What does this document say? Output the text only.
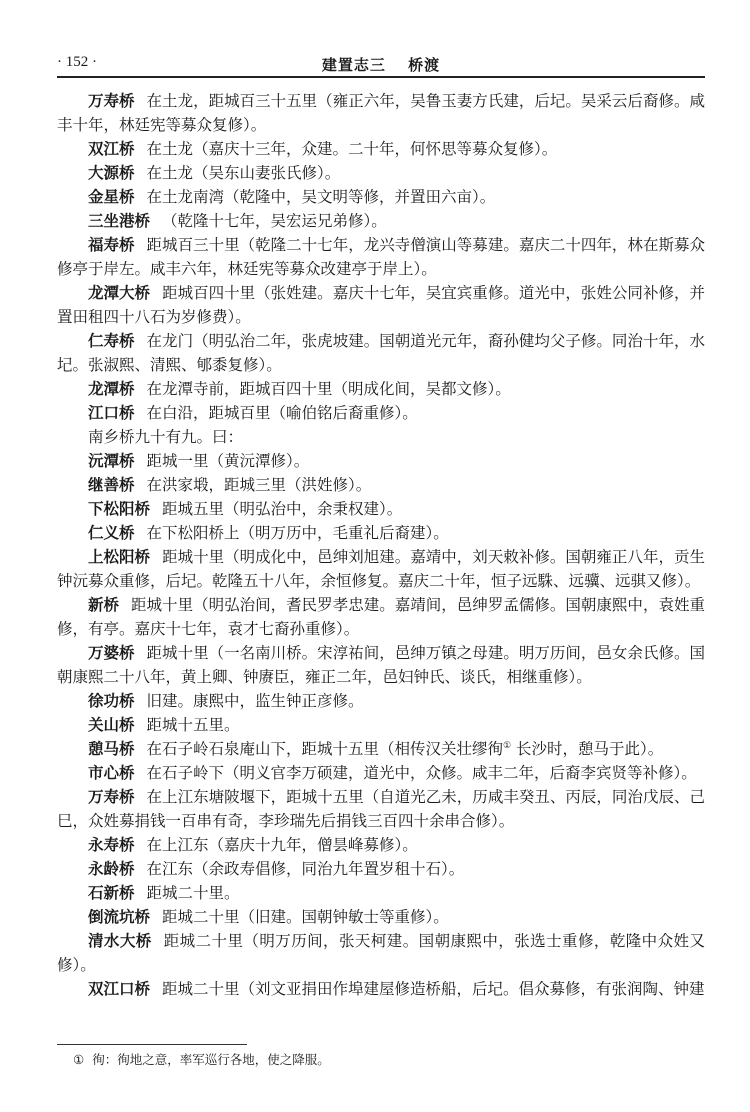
· 152 ·	建置志三　 桥渡

万寿桥 在土龙，距城百三十五里（雍正六年，吴鲁玉妻方氏建，后圮。吴采云后裔修。咸丰十年，林廷宪等募众复修）。

双江桥 在土龙（嘉庆十三年，众建。二十年，何怀思等募众复修）。

大源桥 在土龙（吴东山妻张氏修）。

金星桥 在土龙南湾（乾隆中，吴文明等修，并置田六亩）。

三坐港桥 （乾隆十七年，吴宏运兄弟修）。

福寿桥 距城百三十里（乾隆二十七年，龙兴寺僧演山等募建。嘉庆二十四年，林在斯募众修亭于岸左。咸丰六年，林廷宪等募众改建亭于岸上）。

龙潭大桥 距城百四十里（张姓建。嘉庆十七年，吴宜宾重修。道光中，张姓公同补修，并置田租四十八石为岁修费）。

仁寿桥 在龙门（明弘治二年，张虎坡建。国朝道光元年，裔孙健均父子修。同治十年，水圮。张淑熙、清熙、郇黍复修）。

龙潭桥 在龙潭寺前，距城百四十里（明成化间，吴都文修）。

江口桥 在白沿，距城百里（喻伯铭后裔重修）。

南乡桥九十有九。曰：

沅潭桥 距城一里（黄沅潭修）。

继善桥 在洪家塅，距城三里（洪姓修）。

下松阳桥 距城五里（明弘治中，余秉权建）。

仁义桥 在下松阳桥上（明万历中，毛重礼后裔建）。

上松阳桥 距城十里（明成化中，邑绅刘旭建。嘉靖中，刘天敕补修。国朝雍正八年，贡生钟沅募众重修，后圮。乾隆五十八年，余恒修复。嘉庆二十年，恒子远駯、远骥、远骐又修）。

新桥 距城十里（明弘治间，耆民罗孝忠建。嘉靖间，邑绅罗孟儒修。国朝康熙中，袁姓重修，有亭。嘉庆十七年，袁才七裔孙重修）。

万婆桥 距城十里（一名南川桥。宋淳祐间，邑绅万镇之母建。明万历间，邑女余氏修。国朝康熙二十八年，黄上卿、钟赓臣，雍正二年，邑妇钟氏、谈氏，相继重修）。

徐功桥 旧建。康熙中，监生钟正彦修。

关山桥 距城十五里。

憩马桥 在石子岭石泉庵山下，距城十五里（相传汉关壮缪徇① 长沙时，憩马于此）。

市心桥 在石子岭下（明义官李万硕建，道光中，众修。咸丰二年，后裔李宾贤等补修）。

万寿桥 在上江东塘陂堰下，距城十五里（自道光乙未，历咸丰癸丑、丙辰，同治戊辰、己巳，众姓募捐钱一百串有奇，李珍瑞先后捐钱三百四十余串合修）。

永寿桥 在上江东（嘉庆十九年，僧昙峰募修）。

永龄桥 在江东（余政寿倡修，同治九年置岁租十石）。

石新桥 距城二十里。

倒流坑桥 距城二十里（旧建。国朝钟敏士等重修）。

清水大桥 距城二十里（明万历间，张天柯建。国朝康熙中，张选士重修，乾隆中众姓又修）。

双江口桥 距城二十里（刘文亚捐田作埠建屋修造桥船，后圮。倡众募修，有张润陶、钟建

① 徇：徇地之意，率军巡行各地，使之降服。
